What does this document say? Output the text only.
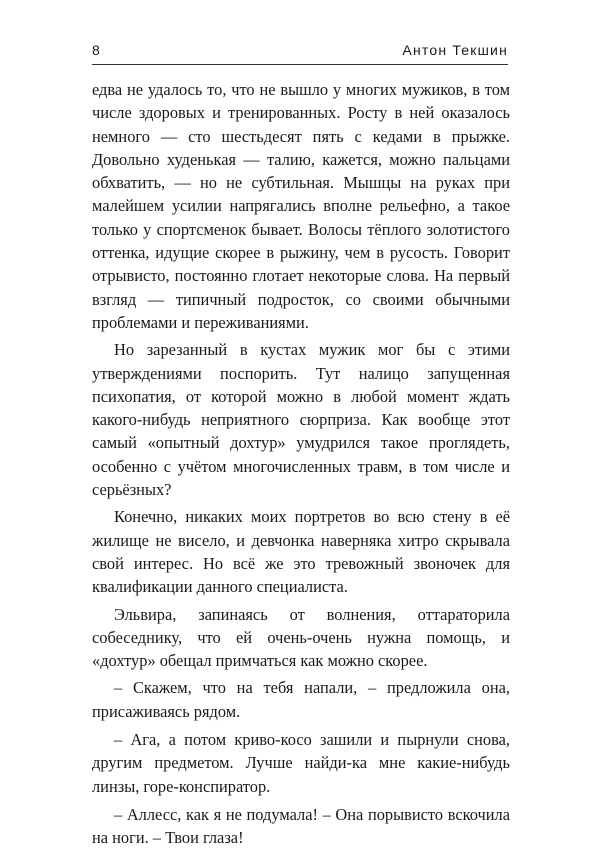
8	Антон Текшин

едва не удалось то, что не вышло у многих мужиков, в том числе здоровых и тренированных. Росту в ней оказалось немного — сто шестьдесят пять с кедами в прыжке. Довольно худенькая — талию, кажется, можно пальцами обхватить, — но не субтильная. Мышцы на руках при малейшем усилии напрягались вполне рельефно, а такое только у спортсменок бывает. Волосы тёплого золотистого оттенка, идущие скорее в рыжину, чем в русость. Говорит отрывисто, постоянно глотает некоторые слова. На первый взгляд — типичный подросток, со своими обычными проблемами и переживаниями.

Но зарезанный в кустах мужик мог бы с этими утверждениями поспорить. Тут налицо запущенная психопатия, от которой можно в любой момент ждать какого-нибудь неприятного сюрприза. Как вообще этот самый «опытный дохтур» умудрился такое проглядеть, особенно с учётом многочисленных травм, в том числе и серьёзных?

Конечно, никаких моих портретов во всю стену в её жилище не висело, и девчонка наверняка хитро скрывала свой интерес. Но всё же это тревожный звоночек для квалификации данного специалиста.

Эльвира, запинаясь от волнения, оттараторила собеседнику, что ей очень-очень нужна помощь, и «дохтур» обещал примчаться как можно скорее.

– Скажем, что на тебя напали, – предложила она, присаживаясь рядом.

– Ага, а потом криво-косо зашили и пырнули снова, другим предметом. Лучше найди-ка мне какие-нибудь линзы, горе-конспиратор.

– Аллесс, как я не подумала! – Она порывисто вскочила на ноги. – Твои глаза!
